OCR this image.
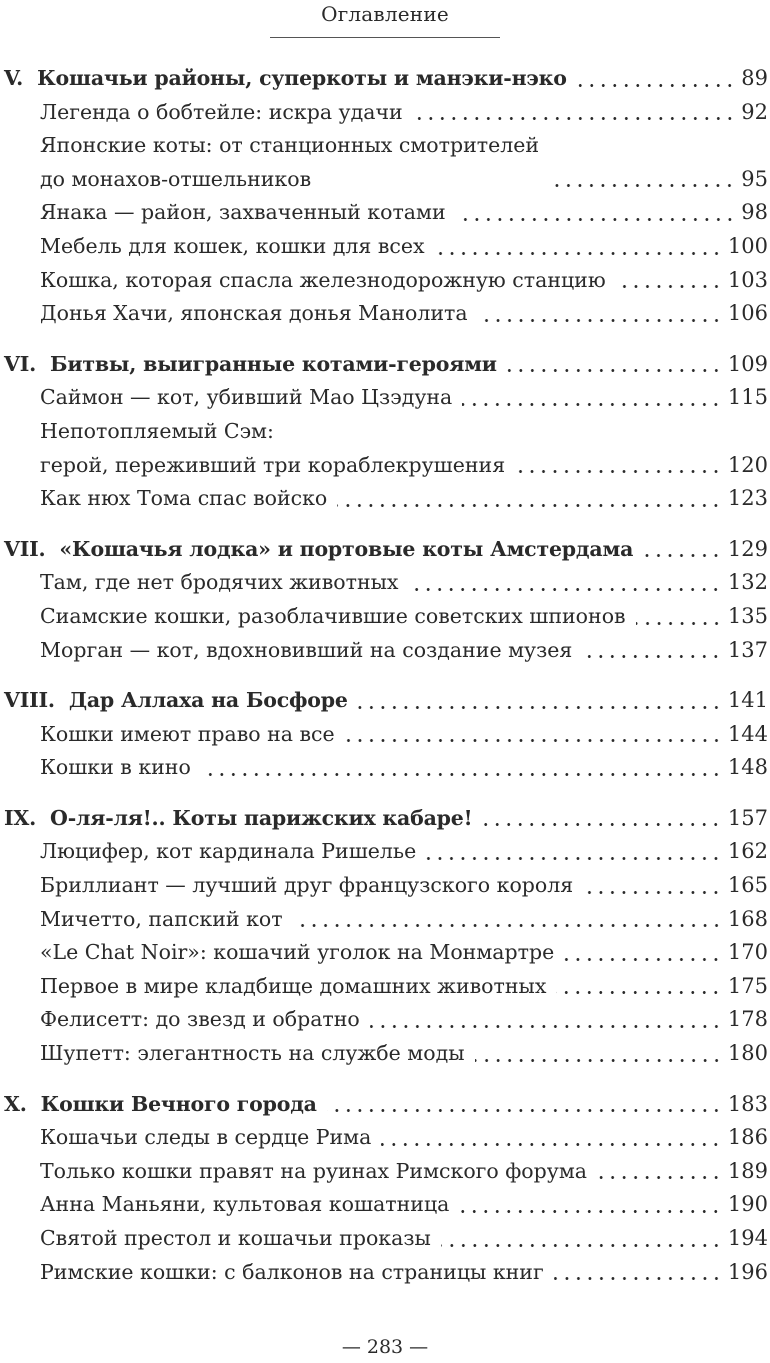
Оглавление
V. Кошачьи районы, суперкоты и манэки-нэко	89
Легенда о бобтейле: искра удачи	92
Японские коты: от станционных смотрителей
до монахов-отшельников	95
Янака — район, захваченный котами	98
Мебель для кошек, кошки для всех	100
Кошка, которая спасла железнодорожную станцию	103
Донья Хачи, японская донья Манолита	106
VI. Битвы, выигранные котами-героями	109
Саймон — кот, убивший Мао Цзэдуна	115
Непотопляемый Сэм:
герой, переживший три кораблекрушения	120
Как нюх Тома спас войско	123
VII. «Кошачья лодка» и портовые коты Амстердама	129
Там, где нет бродячих животных	132
Сиамские кошки, разоблачившие советских шпионов	135
Морган — кот, вдохновивший на создание музея	137
VIII. Дар Аллаха на Босфоре	141
Кошки имеют право на все	144
Кошки в кино	148
IX. О-ля-ля!.. Коты парижских кабаре!	157
Люцифер, кот кардинала Ришелье	162
Бриллиант — лучший друг французского короля	165
Мичетто, папский кот	168
«Le Chat Noir»: кошачий уголок на Монмартре	170
Первое в мире кладбище домашних животных	175
Фелисетт: до звезд и обратно	178
Шупетт: элегантность на службе моды	180
X. Кошки Вечного города	183
Кошачьи следы в сердце Рима	186
Только кошки правят на руинах Римского форума	189
Анна Маньяни, культовая кошатница	190
Святой престол и кошачьи проказы	194
Римские кошки: с балконов на страницы книг	196
— 283 —
